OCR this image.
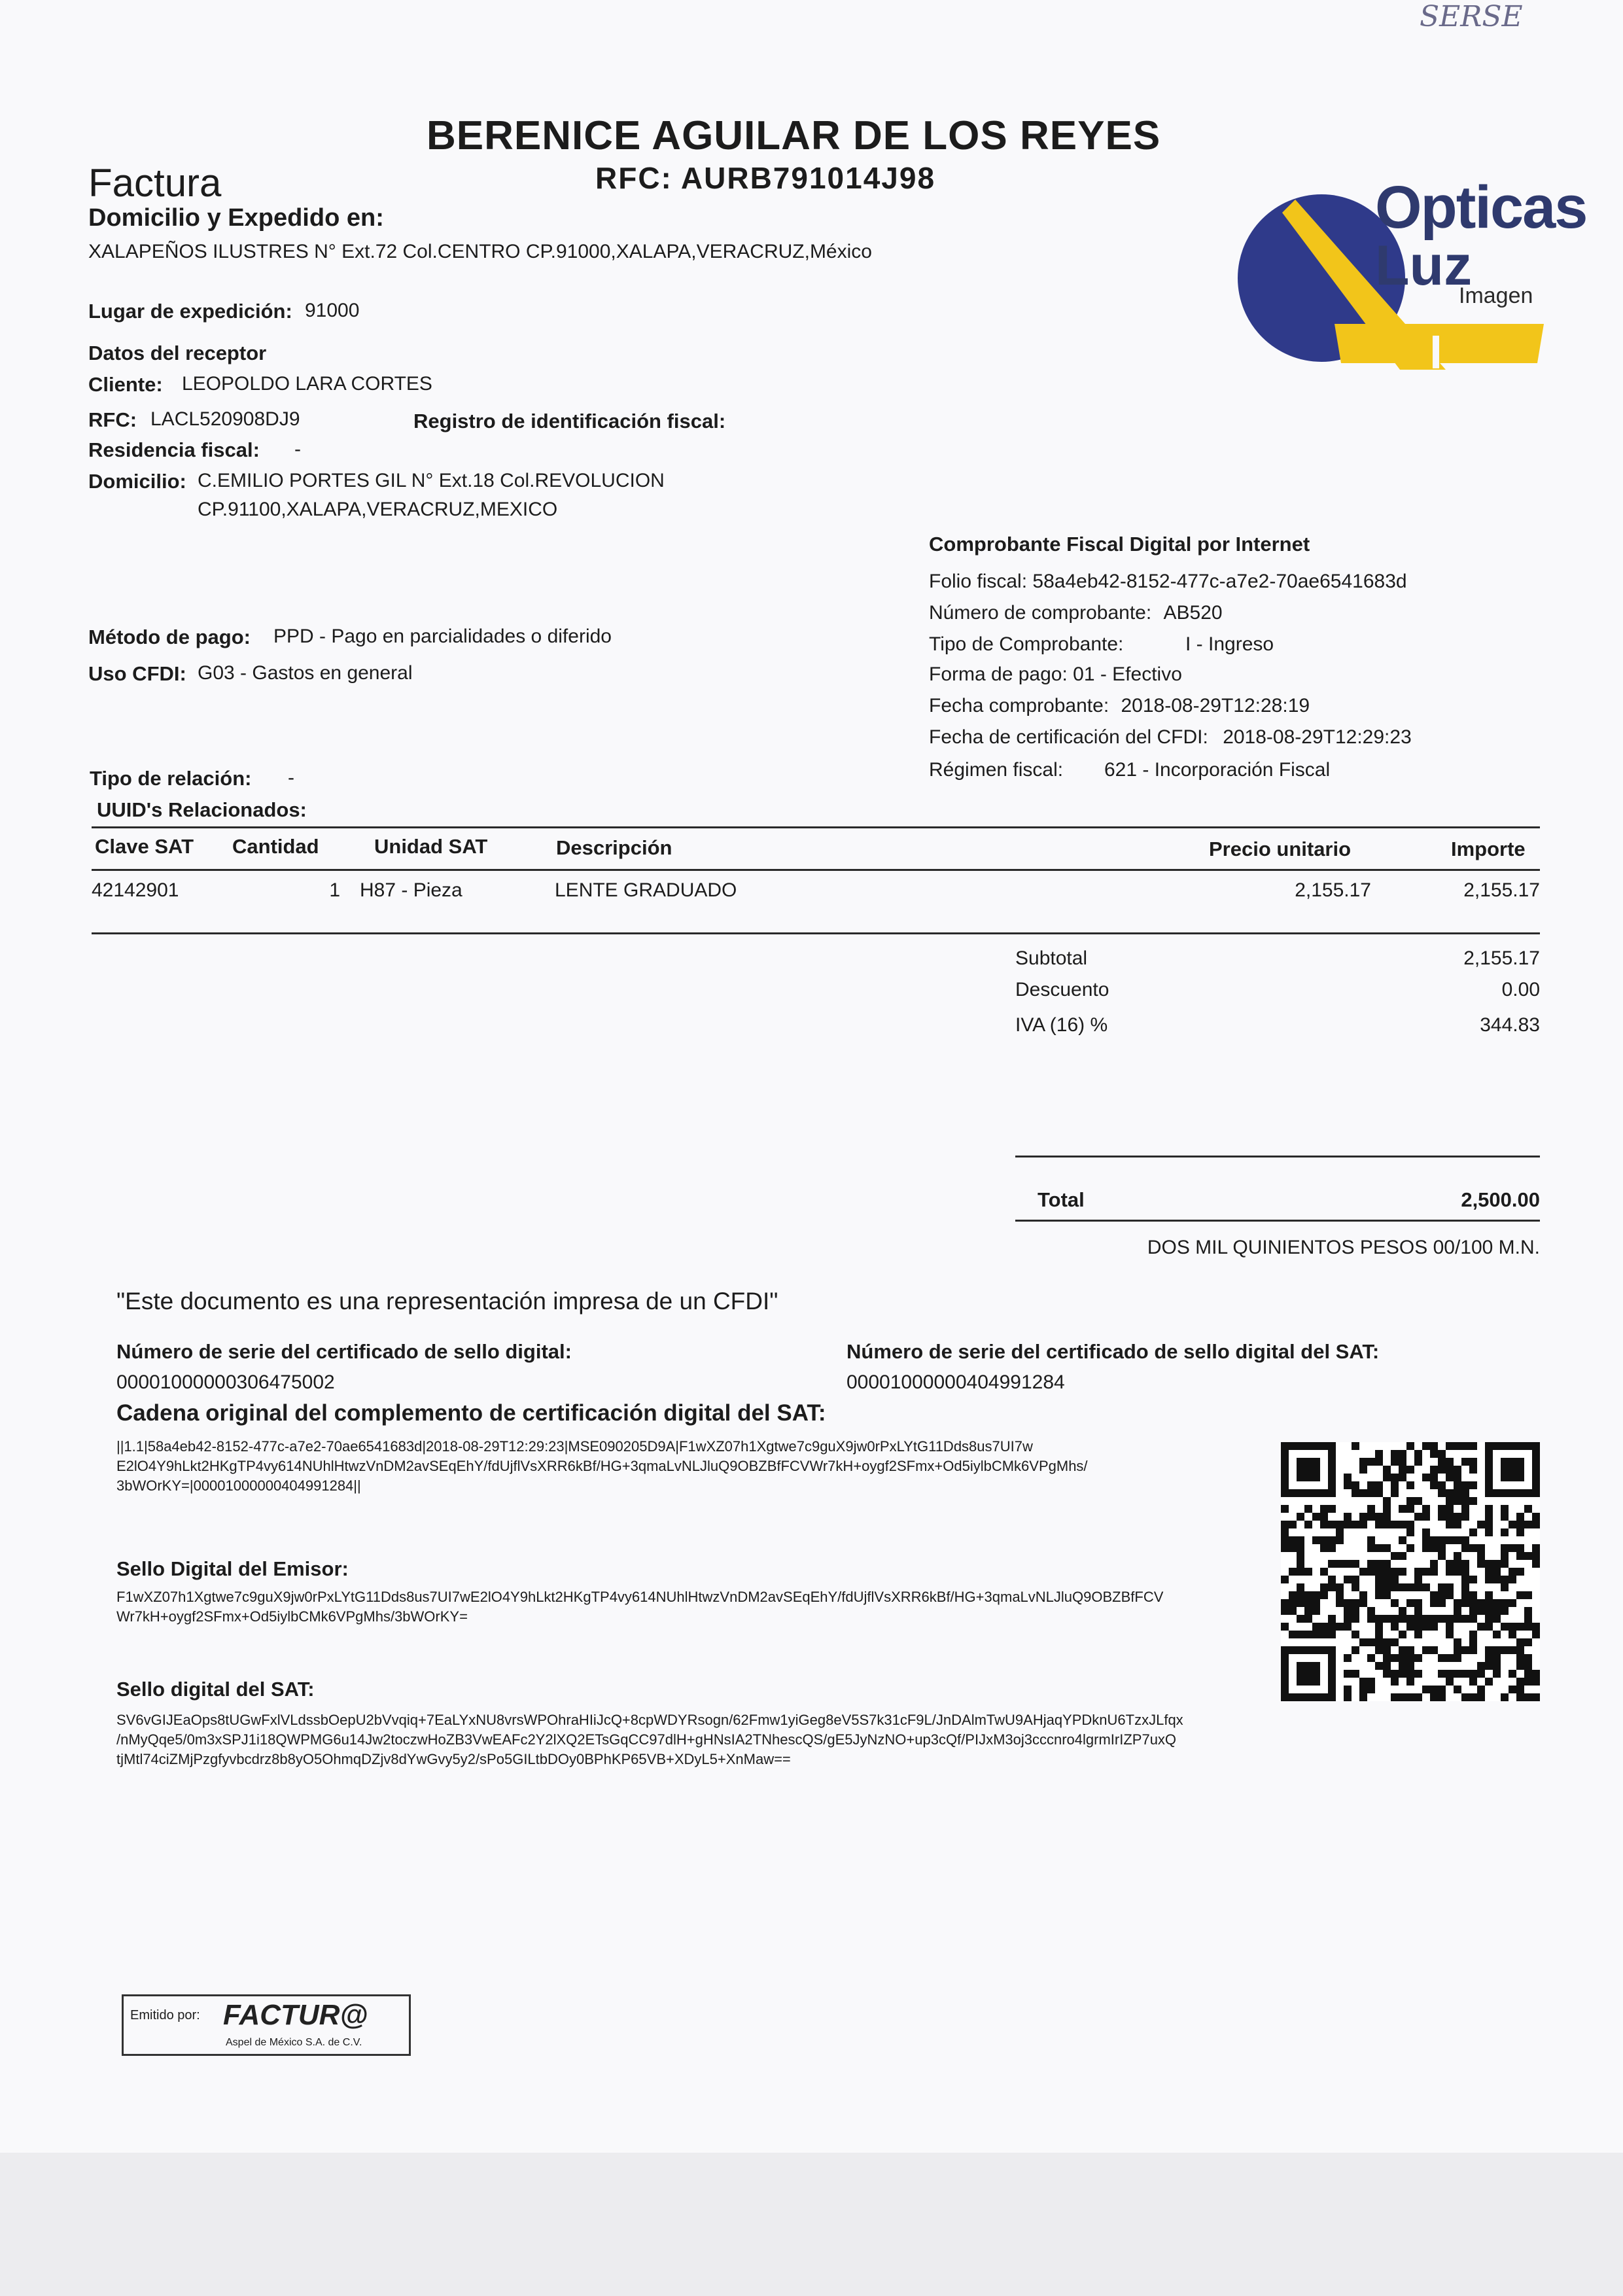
SERSE
BERENICE AGUILAR DE LOS REYES
RFC: AURB791014J98
Factura
Domicilio y Expedido en:
XALAPEÑOS ILUSTRES N° Ext.72 Col.CENTRO CP.91000,XALAPA,VERACRUZ,México
Lugar de expedición: 91000
Opticas
Luz
Imagen
Datos del receptor
Cliente: LEOPOLDO LARA CORTES
RFC: LACL520908DJ9	Registro de identificación fiscal:
Residencia fiscal: -
Domicilio: C.EMILIO PORTES GIL N° Ext.18 Col.REVOLUCION
CP.91100,XALAPA,VERACRUZ,MEXICO
Comprobante Fiscal Digital por Internet
Folio fiscal: 58a4eb42-8152-477c-a7e2-70ae6541683d
Número de comprobante: AB520
Tipo de Comprobante:	I - Ingreso
Forma de pago: 01 - Efectivo
Fecha comprobante: 2018-08-29T12:28:19
Fecha de certificación del CFDI: 2018-08-29T12:29:23
Régimen fiscal: 621 - Incorporación Fiscal
Método de pago: PPD - Pago en parcialidades o diferido
Uso CFDI: G03 - Gastos en general
Tipo de relación: -
UUID's Relacionados:
Clave SAT Cantidad	Unidad SAT	Descripción	Precio unitario	Importe
42142901	1 H87 - Pieza	LENTE GRADUADO	2,155.17	2,155.17
Subtotal	2,155.17
Descuento	0.00
IVA (16) %	344.83
Total	2,500.00
DOS MIL QUINIENTOS PESOS 00/100 M.N.
"Este documento es una representación impresa de un CFDI"
Número de serie del certificado de sello digital:
00001000000306475002
Número de serie del certificado de sello digital del SAT:
00001000000404991284
Cadena original del complemento de certificación digital del SAT:
||1.1|58a4eb42-8152-477c-a7e2-70ae6541683d|2018-08-29T12:29:23|MSE090205D9A|F1wXZ07h1Xgtwe7c9guX9jw0rPxLYtG11Dds8us7UI7w
E2lO4Y9hLkt2HKgTP4vy614NUhlHtwzVnDM2avSEqEhY/fdUjflVsXRR6kBf/HG+3qmaLvNLJluQ9OBZBfFCVWr7kH+oygf2SFmx+Od5iylbCMk6VPgMhs/
3bWOrKY=|00001000000404991284||
Sello Digital del Emisor:
F1wXZ07h1Xgtwe7c9guX9jw0rPxLYtG11Dds8us7UI7wE2lO4Y9hLkt2HKgTP4vy614NUhlHtwzVnDM2avSEqEhY/fdUjflVsXRR6kBf/HG+3qmaLvNLJluQ9OBZBfFCV
Wr7kH+oygf2SFmx+Od5iylbCMk6VPgMhs/3bWOrKY=
Sello digital del SAT:
SV6vGIJEaOps8tUGwFxlVLdssbOepU2bVvqiq+7EaLYxNU8vrsWPOhraHIiJcQ+8cpWDYRsogn/62Fmw1yiGeg8eV5S7k31cF9L/JnDAlmTwU9AHjaqYPDknU6TzxJLfqx
/nMyQqe5/0m3xSPJ1i18QWPMG6u14Jw2toczwHoZB3VwEAFc2Y2lXQ2ETsGqCC97dlH+gHNsIA2TNhescQS/gE5JyNzNO+up3cQf/PIJxM3oj3cccnro4lgrmIrIZP7uxQ
tjMtl74ciZMjPzgfyvbcdrz8b8yO5OhmqDZjv8dYwGvy5y2/sPo5GILtbDOy0BPhKP65VB+XDyL5+XnMaw==
Emitido por: FACTUR@
Aspel de México S.A. de C.V.
